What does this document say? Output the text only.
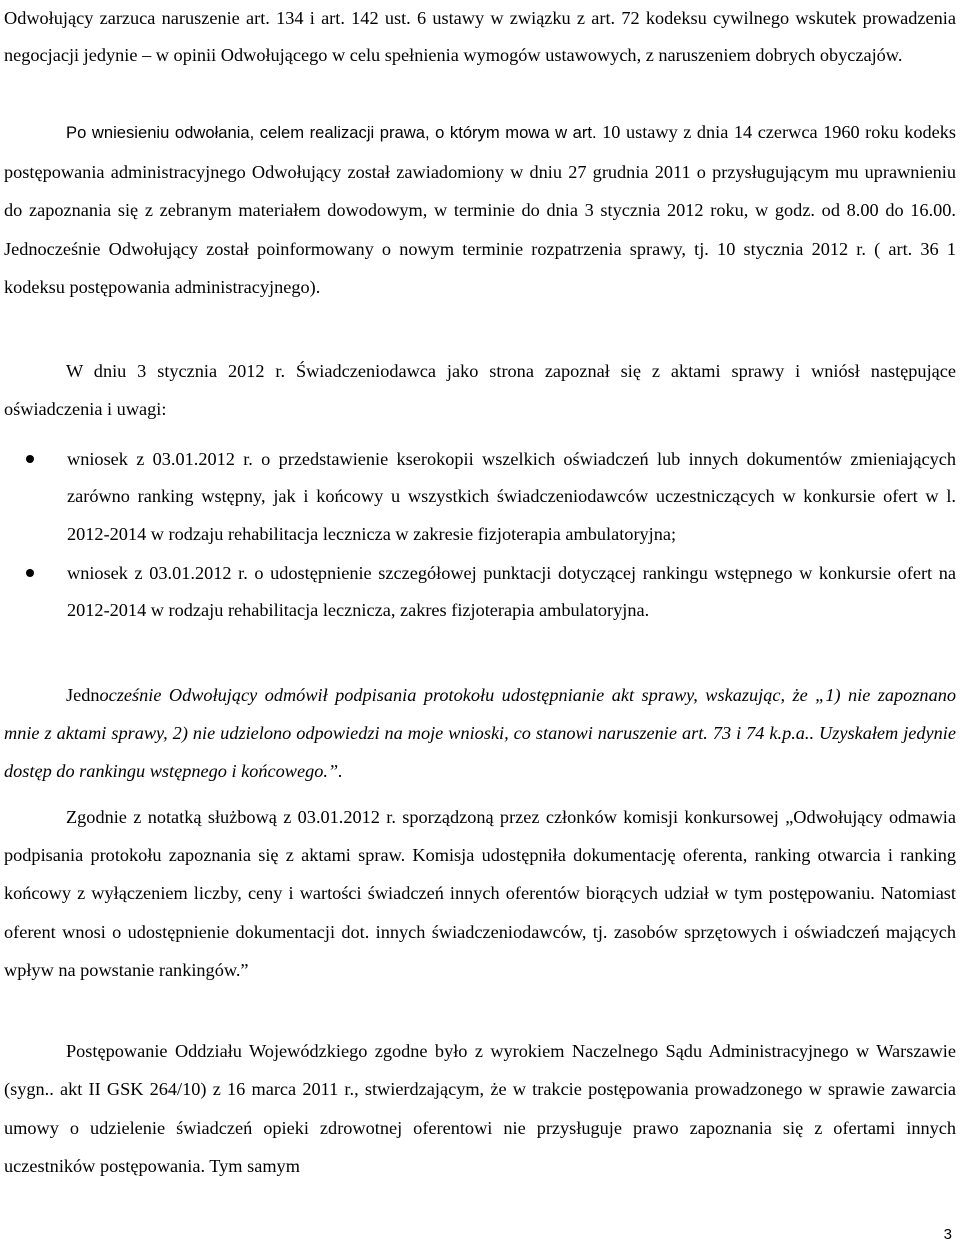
Odwołujący zarzuca naruszenie art. 134 i art. 142 ust. 6 ustawy w związku z art. 72 kodeksu cywilnego wskutek prowadzenia negocjacji jedynie – w opinii Odwołującego w celu spełnienia wymogów ustawowych, z naruszeniem dobrych obyczajów.
Po wniesieniu odwołania, celem realizacji prawa, o którym mowa w art. 10 ustawy z dnia 14 czerwca 1960 roku kodeks postępowania administracyjnego Odwołujący został zawiadomiony w dniu 27 grudnia 2011 o przysługującym mu uprawnieniu do zapoznania się z zebranym materiałem dowodowym, w terminie do dnia 3 stycznia 2012 roku, w godz. od 8.00 do 16.00. Jednocześnie Odwołujący został poinformowany o nowym terminie rozpatrzenia sprawy, tj. 10 stycznia 2012 r. ( art. 36 1 kodeksu postępowania administracyjnego).
W dniu 3 stycznia 2012 r. Świadczeniodawca jako strona zapoznał się z aktami sprawy i wniósł następujące oświadczenia i uwagi:
wniosek z 03.01.2012 r. o przedstawienie kserokopii wszelkich oświadczeń lub innych dokumentów zmieniających zarówno ranking wstępny, jak i końcowy u wszystkich świadczeniodawców uczestniczących w konkursie ofert w l. 2012-2014 w rodzaju rehabilitacja lecznicza w zakresie fizjoterapia ambulatoryjna;
wniosek z 03.01.2012 r. o udostępnienie szczegółowej punktacji dotyczącej rankingu wstępnego w konkursie ofert na 2012-2014 w rodzaju rehabilitacja lecznicza, zakres fizjoterapia ambulatoryjna.
Jednocześnie Odwołujący odmówił podpisania protokołu udostępnianie akt sprawy, wskazując, że „1) nie zapoznano mnie z aktami sprawy, 2) nie udzielono odpowiedzi na moje wnioski, co stanowi naruszenie art. 73 i 74 k.p.a.. Uzyskałem jedynie dostęp do rankingu wstępnego i końcowego.”.
Zgodnie z notatką służbową z 03.01.2012 r. sporządzoną przez członków komisji konkursowej „Odwołujący odmawia podpisania protokołu zapoznania się z aktami spraw. Komisja udostępniła dokumentację oferenta, ranking otwarcia i ranking końcowy z wyłączeniem liczby, ceny i wartości świadczeń innych oferentów biorących udział w tym postępowaniu. Natomiast oferent wnosi o udostępnienie dokumentacji dot. innych świadczeniodawców, tj. zasobów sprzętowych i oświadczeń mających wpływ na powstanie rankingów.”
Postępowanie Oddziału Wojewódzkiego zgodne było z wyrokiem Naczelnego Sądu Administracyjnego w Warszawie (sygn.. akt II GSK 264/10) z 16 marca 2011 r., stwierdzającym, że w trakcie postępowania prowadzonego w sprawie zawarcia umowy o udzielenie świadczeń opieki zdrowotnej oferentowi nie przysługuje prawo zapoznania się z ofertami innych uczestników postępowania. Tym samym
3
